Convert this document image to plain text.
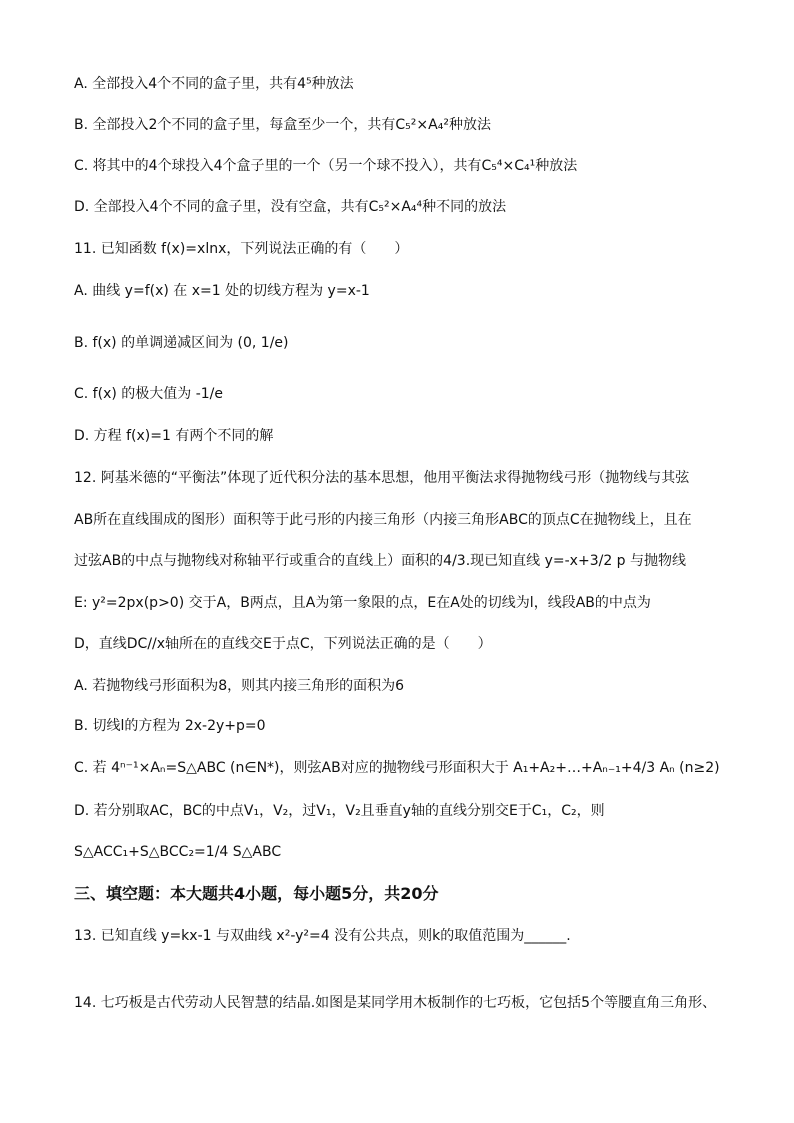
A. 全部投入4个不同的盒子里，共有4⁵种放法
B. 全部投入2个不同的盒子里，每盒至少一个，共有C₅²×A₄²种放法
C. 将其中的4个球投入4个盒子里的一个（另一个球不投入），共有C₅⁴×C₄¹种放法
D. 全部投入4个不同的盒子里，没有空盒，共有C₅²×A₄⁴种不同的放法
11. 已知函数 f(x)=xlnx，下列说法正确的有（　　）
A. 曲线 y=f(x) 在 x=1 处的切线方程为 y=x-1
B. f(x) 的单调递减区间为 (0, 1/e)
C. f(x) 的极大值为 -1/e
D. 方程 f(x)=1 有两个不同的解
12. 阿基米德的“平衡法”体现了近代积分法的基本思想，他用平衡法求得抛物线弓形（抛物线与其弦
AB所在直线围成的图形）面积等于此弓形的内接三角形（内接三角形ABC的顶点C在抛物线上，且在
过弦AB的中点与抛物线对称轴平行或重合的直线上）面积的4/3.现已知直线 y=-x+3/2 p 与抛物线
E: y²=2px(p>0) 交于A，B两点，且A为第一象限的点，E在A处的切线为l，线段AB的中点为
D，直线DC//x轴所在的直线交E于点C，下列说法正确的是（　　）
A. 若抛物线弓形面积为8，则其内接三角形的面积为6
B. 切线l的方程为 2x-2y+p=0
C. 若 4ⁿ⁻¹×Aₙ=S△ABC (n∈N*)，则弦AB对应的抛物线弓形面积大于 A₁+A₂+…+Aₙ₋₁+4/3 Aₙ (n≥2)
D. 若分别取AC，BC的中点V₁，V₂，过V₁，V₂且垂直y轴的直线分别交E于C₁，C₂，则
S△ACC₁+S△BCC₂=1/4 S△ABC
三、填空题：本大题共4小题，每小题5分，共20分
13. 已知直线 y=kx-1 与双曲线 x²-y²=4 没有公共点，则k的取值范围为______.
14. 七巧板是古代劳动人民智慧的结晶.如图是某同学用木板制作的七巧板，它包括5个等腰直角三角形、
